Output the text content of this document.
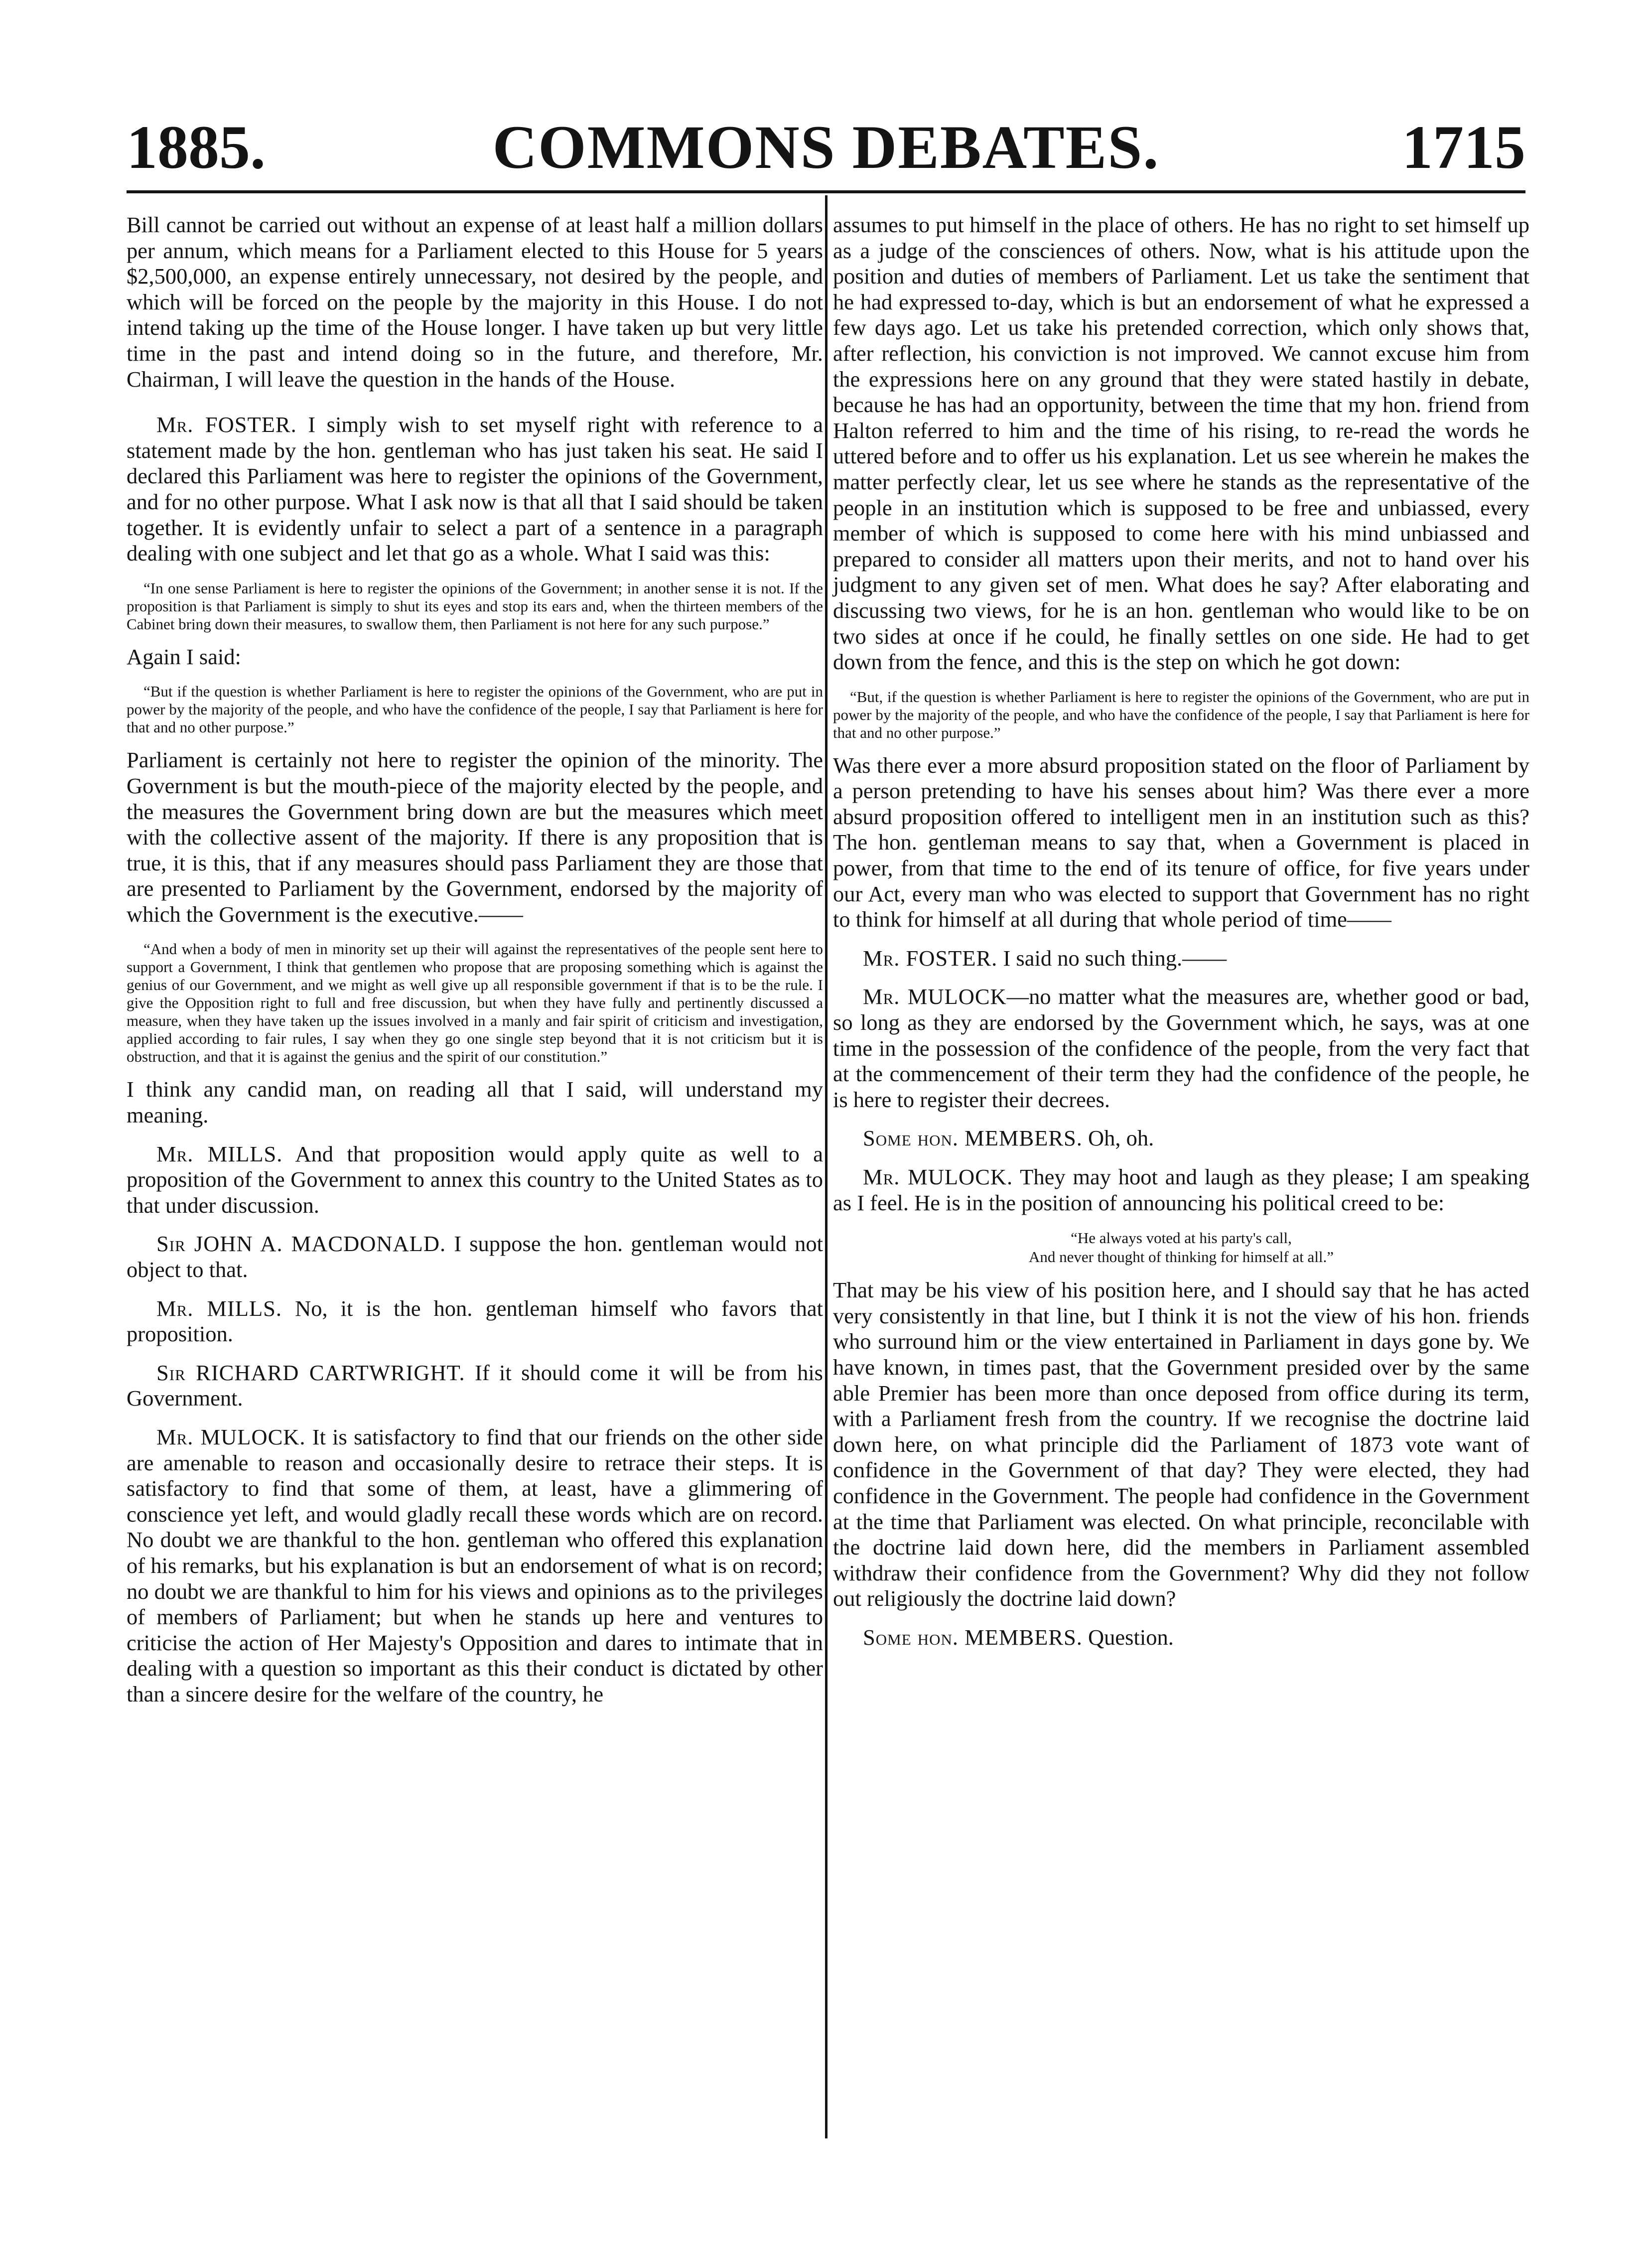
1885.	COMMONS DEBATES.	1715

Bill cannot be carried out without an expense of at least half a million dollars per annum, which means for a Parliament elected to this House for 5 years $2,500,000, an expense entirely unnecessary, not desired by the people, and which will be forced on the people by the majority in this House. I do not intend taking up the time of the House longer. I have taken up but very little time in the past and intend doing so in the future, and therefore, Mr. Chairman, I will leave the question in the hands of the House.

Mr. FOSTER. I simply wish to set myself right with reference to a statement made by the hon. gentleman who has just taken his seat. He said I declared this Parliament was here to register the opinions of the Government, and for no other purpose. What I ask now is that all that I said should be taken together. It is evidently unfair to select a part of a sentence in a paragraph dealing with one subject and let that go as a whole. What I said was this:

“In one sense Parliament is here to register the opinions of the Government; in another sense it is not. If the proposition is that Parliament is simply to shut its eyes and stop its ears and, when the thirteen members of the Cabinet bring down their measures, to swallow them, then Parliament is not here for any such purpose.”

Again I said:

“But if the question is whether Parliament is here to register the opinions of the Government, who are put in power by the majority of the people, and who have the confidence of the people, I say that Parliament is here for that and no other purpose.”

Parliament is certainly not here to register the opinion of the minority. The Government is but the mouth-piece of the majority elected by the people, and the measures the Government bring down are but the measures which meet with the collective assent of the majority. If there is any proposition that is true, it is this, that if any measures should pass Parliament they are those that are presented to Parliament by the Government, endorsed by the majority of which the Government is the executive.——

“And when a body of men in minority set up their will against the representatives of the people sent here to support a Government, I think that gentlemen who propose that are proposing something which is against the genius of our Government, and we might as well give up all responsible government if that is to be the rule. I give the Opposition right to full and free discussion, but when they have fully and pertinently discussed a measure, when they have taken up the issues involved in a manly and fair spirit of criticism and investigation, applied according to fair rules, I say when they go one single step beyond that it is not criticism but it is obstruction, and that it is against the genius and the spirit of our constitution.”

I think any candid man, on reading all that I said, will understand my meaning.

Mr. MILLS. And that proposition would apply quite as well to a proposition of the Government to annex this country to the United States as to that under discussion.

Sir JOHN A. MACDONALD. I suppose the hon. gentleman would not object to that.

Mr. MILLS. No, it is the hon. gentleman himself who favors that proposition.

Sir RICHARD CARTWRIGHT. If it should come it will be from his Government.

Mr. MULOCK. It is satisfactory to find that our friends on the other side are amenable to reason and occasionally desire to retrace their steps. It is satisfactory to find that some of them, at least, have a glimmering of conscience yet left, and would gladly recall these words which are on record. No doubt we are thankful to the hon. gentleman who offered this explanation of his remarks, but his explanation is but an endorsement of what is on record; no doubt we are thankful to him for his views and opinions as to the privileges of members of Parliament; but when he stands up here and ventures to criticise the action of Her Majesty's Opposition and dares to intimate that in dealing with a question so important as this their conduct is dictated by other than a sincere desire for the welfare of the country, he

assumes to put himself in the place of others. He has no right to set himself up as a judge of the consciences of others. Now, what is his attitude upon the position and duties of members of Parliament. Let us take the sentiment that he had expressed to-day, which is but an endorsement of what he expressed a few days ago. Let us take his pretended correction, which only shows that, after reflection, his conviction is not improved. We cannot excuse him from the expressions here on any ground that they were stated hastily in debate, because he has had an opportunity, between the time that my hon. friend from Halton referred to him and the time of his rising, to re-read the words he uttered before and to offer us his explanation. Let us see wherein he makes the matter perfectly clear, let us see where he stands as the representative of the people in an institution which is supposed to be free and unbiassed, every member of which is supposed to come here with his mind unbiassed and prepared to consider all matters upon their merits, and not to hand over his judgment to any given set of men. What does he say? After elaborating and discussing two views, for he is an hon. gentleman who would like to be on two sides at once if he could, he finally settles on one side. He had to get down from the fence, and this is the step on which he got down:

“But, if the question is whether Parliament is here to register the opinions of the Government, who are put in power by the majority of the people, and who have the confidence of the people, I say that Parliament is here for that and no other purpose.”

Was there ever a more absurd proposition stated on the floor of Parliament by a person pretending to have his senses about him? Was there ever a more absurd proposition offered to intelligent men in an institution such as this? The hon. gentleman means to say that, when a Government is placed in power, from that time to the end of its tenure of office, for five years under our Act, every man who was elected to support that Government has no right to think for himself at all during that whole period of time——

Mr. FOSTER. I said no such thing.——

Mr. MULOCK—no matter what the measures are, whether good or bad, so long as they are endorsed by the Government which, he says, was at one time in the possession of the confidence of the people, from the very fact that at the commencement of their term they had the confidence of the people, he is here to register their decrees.

Some hon. MEMBERS. Oh, oh.

Mr. MULOCK. They may hoot and laugh as they please; I am speaking as I feel. He is in the position of announcing his political creed to be:

“He always voted at his party's call,
And never thought of thinking for himself at all.”

That may be his view of his position here, and I should say that he has acted very consistently in that line, but I think it is not the view of his hon. friends who surround him or the view entertained in Parliament in days gone by. We have known, in times past, that the Government presided over by the same able Premier has been more than once deposed from office during its term, with a Parliament fresh from the country. If we recognise the doctrine laid down here, on what principle did the Parliament of 1873 vote want of confidence in the Government of that day? They were elected, they had confidence in the Government. The people had confidence in the Government at the time that Parliament was elected. On what principle, reconcilable with the doctrine laid down here, did the members in Parliament assembled withdraw their confidence from the Government? Why did they not follow out religiously the doctrine laid down?

Some hon. MEMBERS. Question.
